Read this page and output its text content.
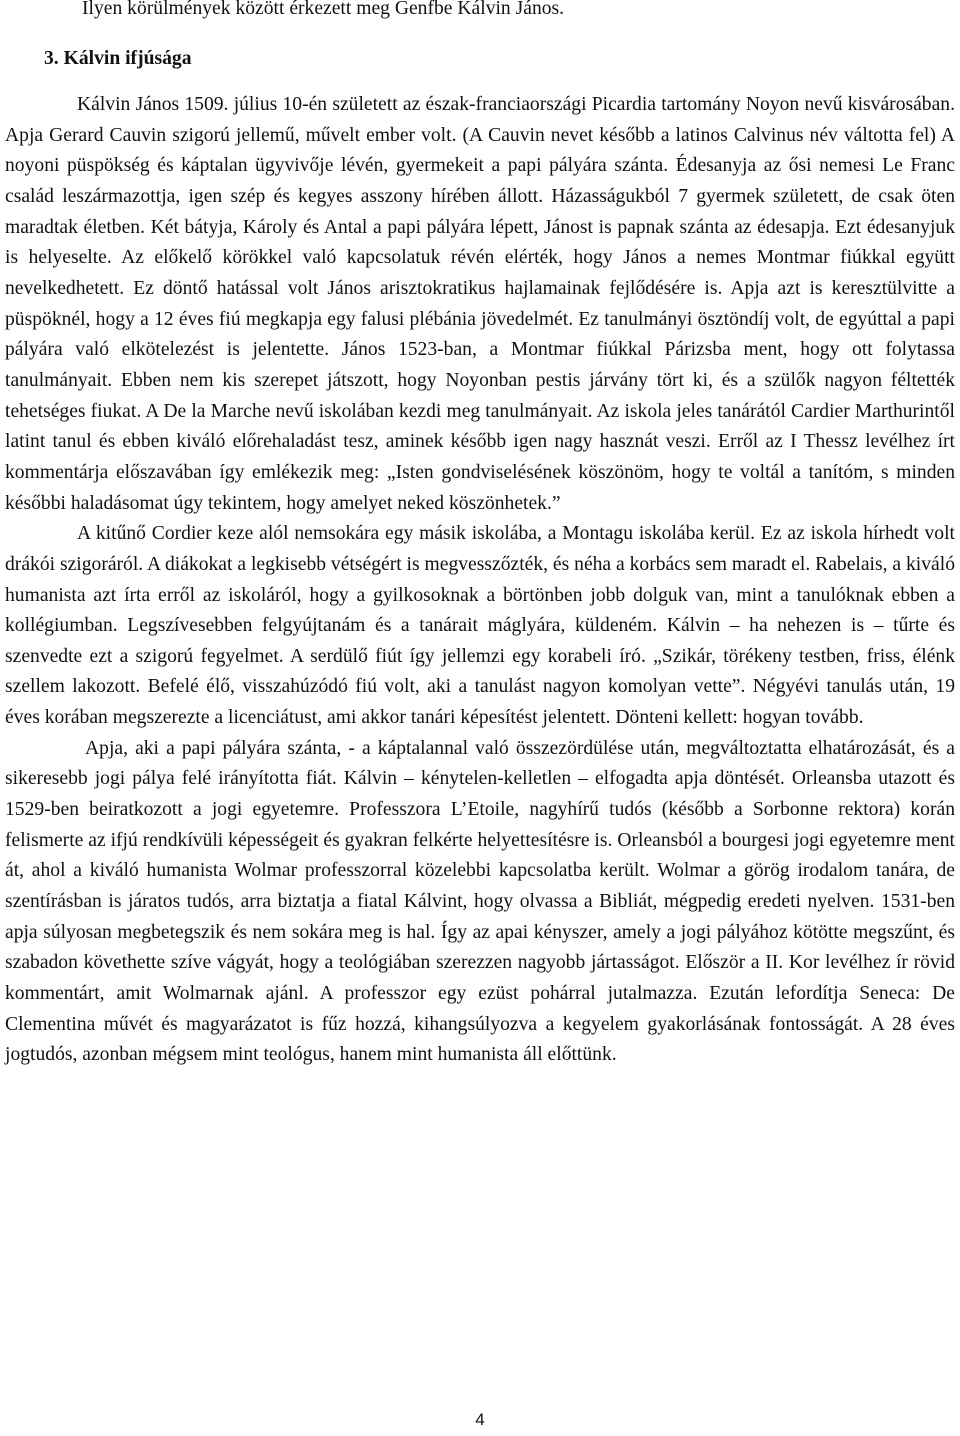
Ilyen körülmények között érkezett meg Genfbe Kálvin János.

3. Kálvin ifjúsága

Kálvin János 1509. július 10-én született az észak-franciaországi Picardia tartomány Noyon nevű kisvárosában. Apja Gerard Cauvin szigorú jellemű, művelt ember volt. (A Cauvin nevet később a latinos Calvinus név váltotta fel) A noyoni püspökség és káptalan ügyvivője lévén, gyermekeit a papi pályára szánta. Édesanyja az ősi nemesi Le Franc család leszármazottja, igen szép és kegyes asszony hírében állott. Házasságukból 7 gyermek született, de csak öten maradtak életben. Két bátyja, Károly és Antal a papi pályára lépett, Jánost is papnak szánta az édesapja. Ezt édesanyjuk is helyeselte. Az előkelő körökkel való kapcsolatuk révén elérték, hogy János a nemes Montmar fiúkkal együtt nevelkedhetett. Ez döntő hatással volt János arisztokratikus hajlamainak fejlődésére is. Apja azt is keresztülvitte a püspöknél, hogy a 12 éves fiú megkapja egy falusi plébánia jövedelmét. Ez tanulmányi ösztöndíj volt, de egyúttal a papi pályára való elkötelezést is jelentette. János 1523-ban, a Montmar fiúkkal Párizsba ment, hogy ott folytassa tanulmányait. Ebben nem kis szerepet játszott, hogy Noyonban pestis járvány tört ki, és a szülők nagyon féltették tehetséges fiukat. A De la Marche nevű iskolában kezdi meg tanulmányait. Az iskola jeles tanárától Cardier Marthurintől latint tanul és ebben kiváló előrehaladást tesz, aminek később igen nagy hasznát veszi. Erről az I Thessz levélhez írt kommentárja előszavában így emlékezik meg: „Isten gondviselésének köszönöm, hogy te voltál a tanítóm, s minden későbbi haladásomat úgy tekintem, hogy amelyet neked köszönhetek.”

A kitűnő Cordier keze alól nemsokára egy másik iskolába, a Montagu iskolába kerül. Ez az iskola hírhedt volt drákói szigoráról. A diákokat a legkisebb vétségért is megvesszőzték, és néha a korbács sem maradt el. Rabelais, a kiváló humanista azt írta erről az iskoláról, hogy a gyilkosoknak a börtönben jobb dolguk van, mint a tanulóknak ebben a kollégiumban. Legszívesebben felgyújtanám és a tanárait máglyára, küldeném. Kálvin – ha nehezen is – tűrte és szenvedte ezt a szigorú fegyelmet. A serdülő fiút így jellemzi egy korabeli író. „Szikár, törékeny testben, friss, élénk szellem lakozott. Befelé élő, visszahúzódó fiú volt, aki a tanulást nagyon komolyan vette”. Négyévi tanulás után, 19 éves korában megszerezte a licenciátust, ami akkor tanári képesítést jelentett. Dönteni kellett: hogyan tovább.

Apja, aki a papi pályára szánta, - a káptalannal való összezördülése után, megváltoztatta elhatározását, és a sikeresebb jogi pálya felé irányította fiát. Kálvin – kénytelen-kelletlen – elfogadta apja döntését. Orleansba utazott és 1529-ben beiratkozott a jogi egyetemre. Professzora L’Etoile, nagyhírű tudós (később a Sorbonne rektora) korán felismerte az ifjú rendkívüli képességeit és gyakran felkérte helyettesítésre is. Orleansból a bourgesi jogi egyetemre ment át, ahol a kiváló humanista Wolmar professzorral közelebbi kapcsolatba került. Wolmar a görög irodalom tanára, de szentírásban is járatos tudós, arra biztatja a fiatal Kálvint, hogy olvassa a Bibliát, mégpedig eredeti nyelven. 1531-ben apja súlyosan megbetegszik és nem sokára meg is hal. Így az apai kényszer, amely a jogi pályához kötötte megszűnt, és szabadon követhette szíve vágyát, hogy a teológiában szerezzen nagyobb jártasságot. Először a II. Kor levélhez ír rövid kommentárt, amit Wolmarnak ajánl. A professzor egy ezüst pohárral jutalmazza. Ezután lefordítja Seneca: De Clementina művét és magyarázatot is fűz hozzá, kihangsúlyozva a kegyelem gyakorlásának fontosságát. A 28 éves jogtudós, azonban mégsem mint teológus, hanem mint humanista áll előttünk.

4
